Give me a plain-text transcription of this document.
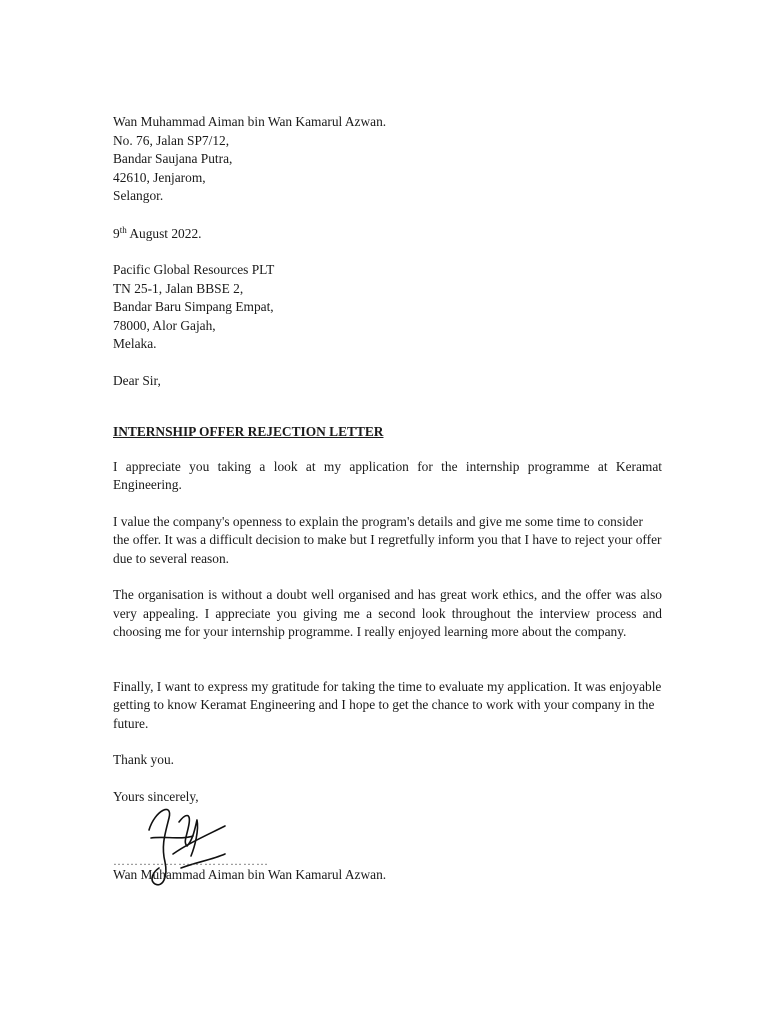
Wan Muhammad Aiman bin Wan Kamarul Azwan.
No. 76, Jalan SP7/12,
Bandar Saujana Putra,
42610, Jenjarom,
Selangor.
9th August 2022.
Pacific Global Resources PLT
TN 25-1, Jalan BBSE 2,
Bandar Baru Simpang Empat,
78000, Alor Gajah,
Melaka.
Dear Sir,
INTERNSHIP OFFER REJECTION LETTER

I appreciate you taking a look at my application for the internship programme at Keramat Engineering.

I value the company's openness to explain the program's details and give me some time to consider the offer. It was a difficult decision to make but I regretfully inform you that I have to reject your offer due to several reason.

The organisation is without a doubt well organised and has great work ethics, and the offer was also very appealing. I appreciate you giving me a second look throughout the interview process and choosing me for your internship programme. I really enjoyed learning more about the company.

Finally, I want to express my gratitude for taking the time to evaluate my application. It was enjoyable getting to know Keramat Engineering and I hope to get the chance to work with your company in the future.

Thank you.
Yours sincerely,
………………………………
Wan Muhammad Aiman bin Wan Kamarul Azwan.
